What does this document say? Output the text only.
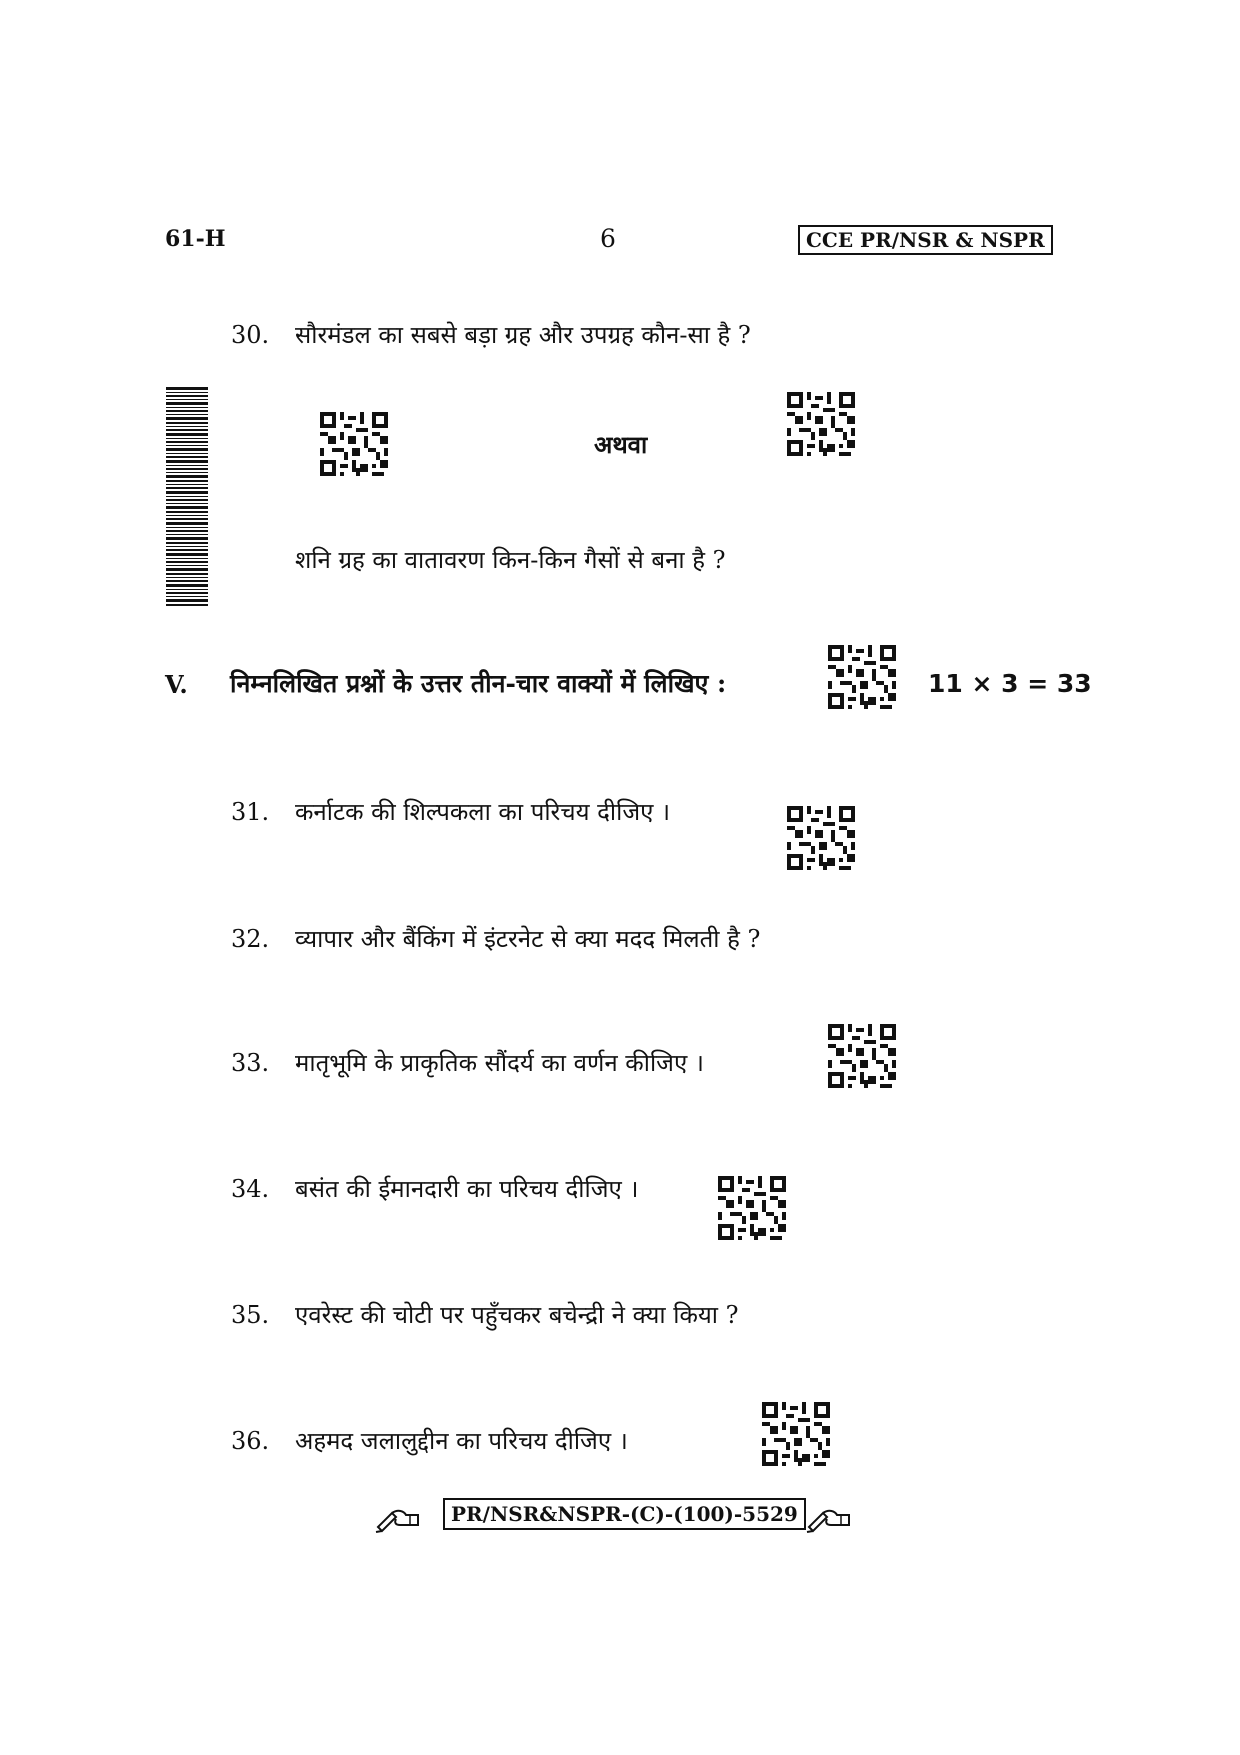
61-H	6	CCE PR/NSR & NSPR
30. सौरमंडल का सबसे बड़ा ग्रह और उपग्रह कौन-सा है ?
अथवा
शनि ग्रह का वातावरण किन-किन गैसों से बना है ?
V. निम्नलिखित प्रश्नों के उत्तर तीन-चार वाक्यों में लिखिए :	11 × 3 = 33
31. कर्नाटक की शिल्पकला का परिचय दीजिए ।
32. व्यापार और बैंकिंग में इंटरनेट से क्या मदद मिलती है ?
33. मातृभूमि के प्राकृतिक सौंदर्य का वर्णन कीजिए ।
34. बसंत की ईमानदारी का परिचय दीजिए ।
35. एवरेस्ट की चोटी पर पहुँचकर बचेन्द्री ने क्या किया ?
36. अहमद जलालुद्दीन का परिचय दीजिए ।
PR/NSR&NSPR-(C)-(100)-5529
